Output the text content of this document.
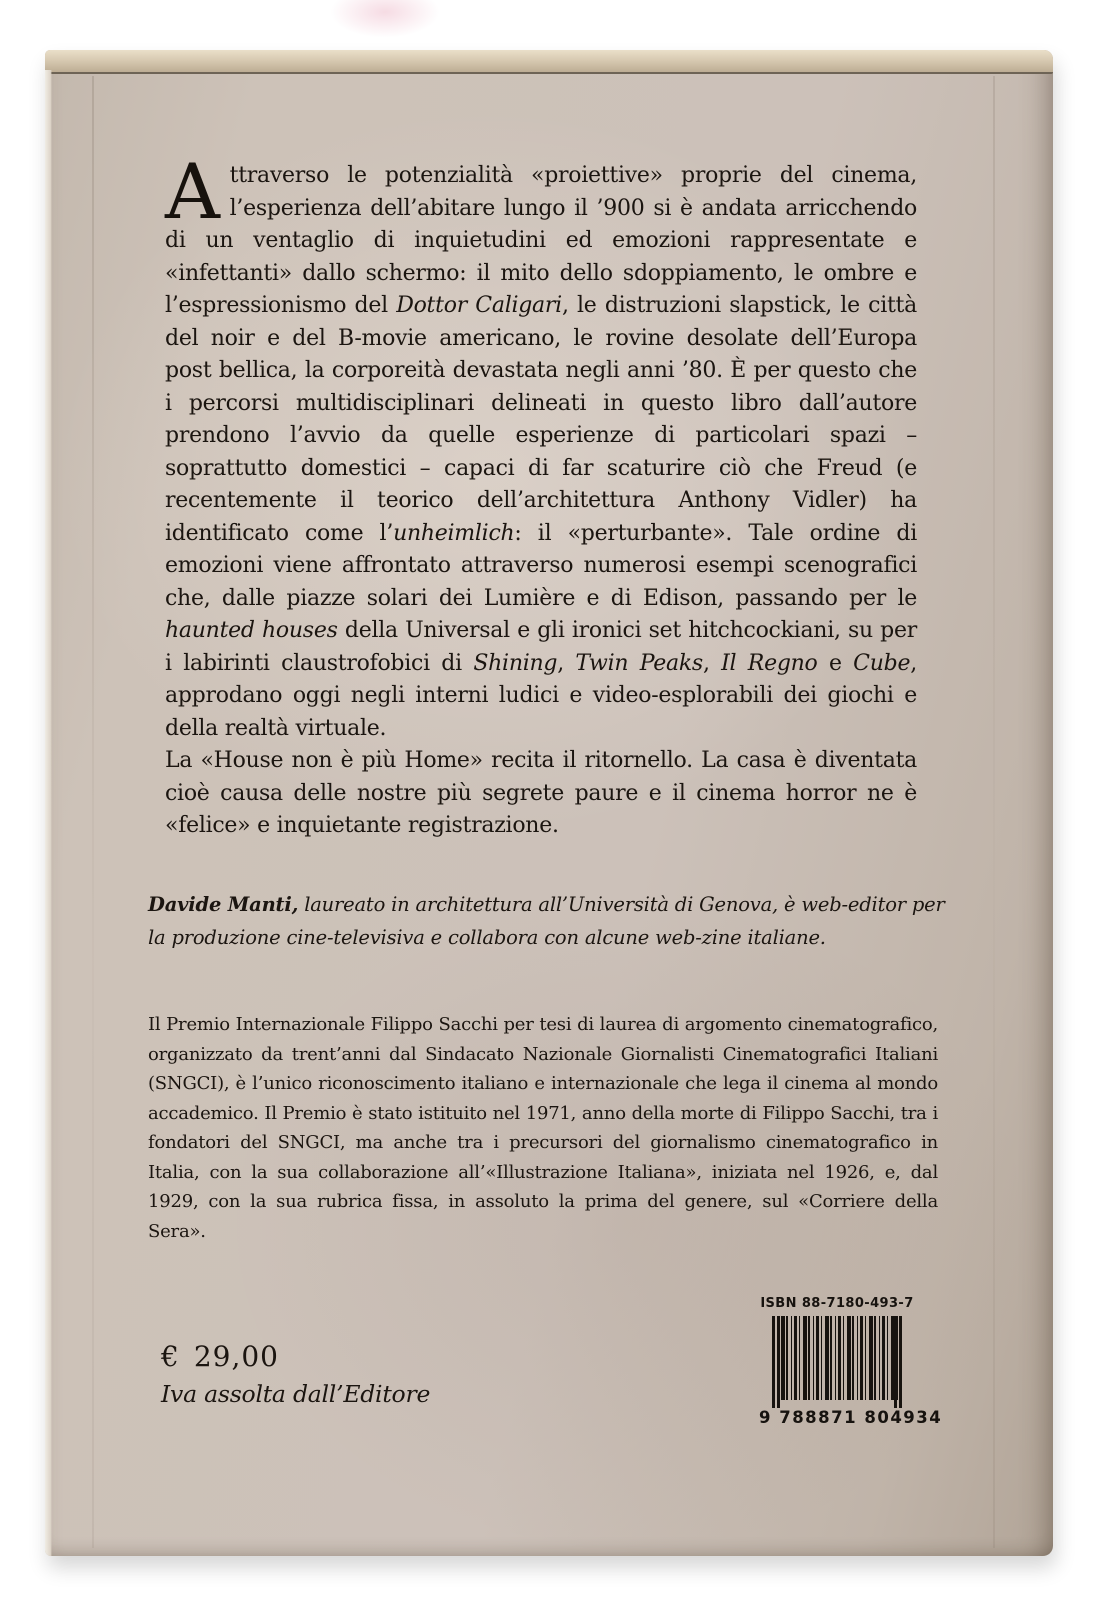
Attraverso le potenzialità «proiettive» proprie del cinema, l’esperienza dell’abitare lungo il ’900 si è andata arricchendo di un ventaglio di inquietudini ed emozioni rappresentate e «infettanti» dallo schermo: il mito dello sdoppiamento, le ombre e l’espressionismo del Dottor Caligari, le distruzioni slapstick, le città del noir e del B-movie americano, le rovine desolate dell’Europa post bellica, la corporeità devastata negli anni ’80. È per questo che i percorsi multidisciplinari delineati in questo libro dall’autore prendono l’avvio da quelle esperienze di particolari spazi – soprattutto domestici – capaci di far scaturire ciò che Freud (e recentemente il teorico dell’architettura Anthony Vidler) ha identificato come l’unheimlich: il «perturbante». Tale ordine di emozioni viene affrontato attraverso numerosi esempi scenografici che, dalle piazze solari dei Lumière e di Edison, passando per le haunted houses della Universal e gli ironici set hitchcockiani, su per i labirinti claustrofobici di Shining, Twin Peaks, Il Regno e Cube, approdano oggi negli interni ludici e video-esplorabili dei giochi e della realtà virtuale.

La «House non è più Home» recita il ritornello. La casa è diventata cioè causa delle nostre più segrete paure e il cinema horror ne è «felice» e inquietante registrazione.

Davide Manti, laureato in architettura all’Università di Genova, è web-editor per la produzione cine-televisiva e collabora con alcune web-zine italiane.
Il Premio Internazionale Filippo Sacchi per tesi di laurea di argomento cinematografico, organizzato da trent’anni dal Sindacato Nazionale Giornalisti Cinematografici Italiani (SNGCI), è l’unico riconoscimento italiano e internazionale che lega il cinema al mondo accademico. Il Premio è stato istituito nel 1971, anno della morte di Filippo Sacchi, tra i fondatori del SNGCI, ma anche tra i precursori del giornalismo cinematografico in Italia, con la sua collaborazione all’«Illustrazione Italiana», iniziata nel 1926, e, dal 1929, con la sua rubrica fissa, in assoluto la prima del genere, sul «Corriere della Sera».
€ 29,00
Iva assolta dall’Editore
ISBN 88-7180-493-7
9 788871 804934
